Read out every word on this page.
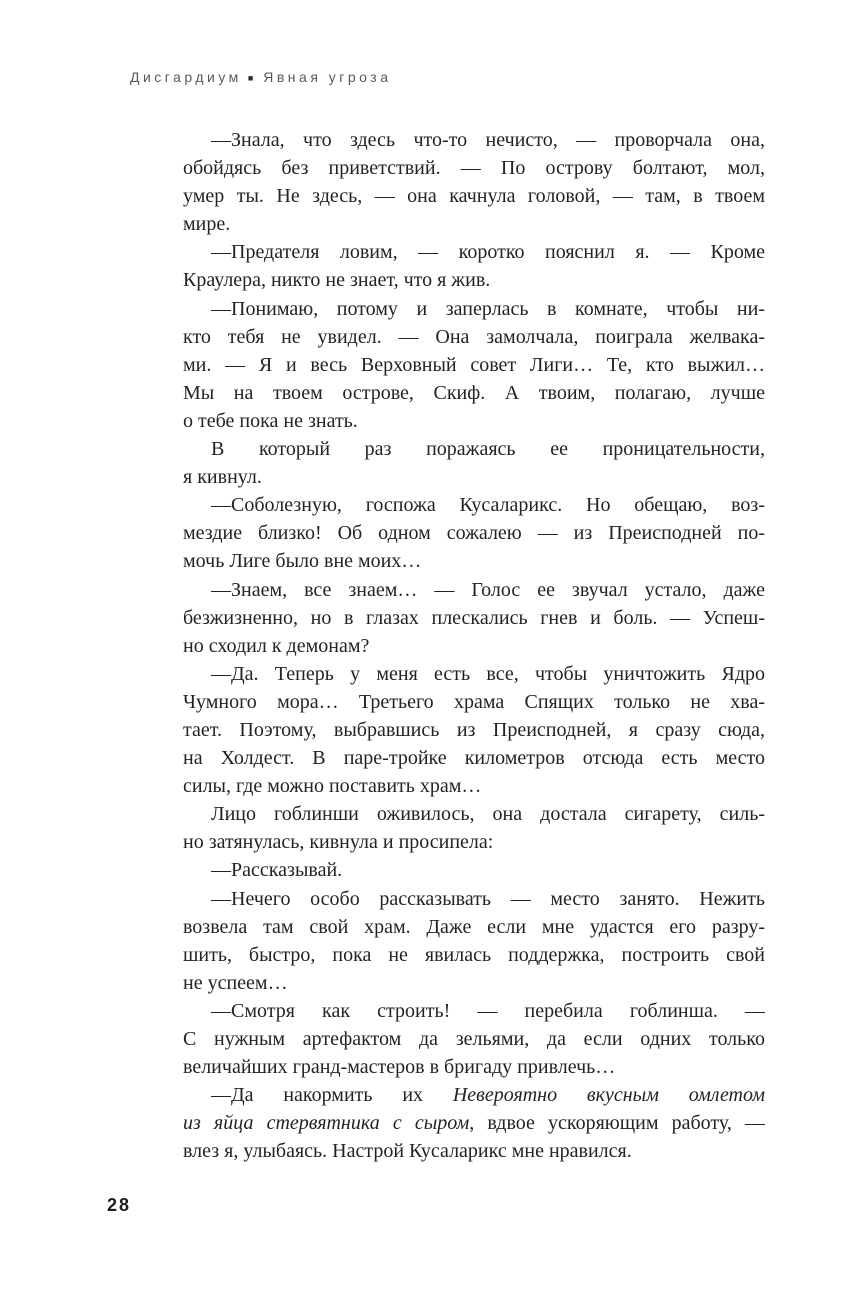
Дисгардиум ■ Явная угроза

—Знала, что здесь что-то нечисто, — проворчала она,
обойдясь без приветствий. — По острову болтают, мол,
умер ты. Не здесь, — она качнула головой, — там, в твоем
мире.

—Предателя ловим, — коротко пояснил я. — Кроме
Краулера, никто не знает, что я жив.

—Понимаю, потому и заперлась в комнате, чтобы ни-
кто тебя не увидел. — Она замолчала, поиграла желвака-
ми. — Я и весь Верховный совет Лиги… Те, кто выжил…
Мы на твоем острове, Скиф. А твоим, полагаю, лучше
о тебе пока не знать.

В который раз поражаясь ее проницательности,
я кивнул.

—Соболезную, госпожа Кусаларикс. Но обещаю, воз-
мездие близко! Об одном сожалею — из Преисподней по-
мочь Лиге было вне моих…

—Знаем, все знаем… — Голос ее звучал устало, даже
безжизненно, но в глазах плескались гнев и боль. — Успеш-
но сходил к демонам?

—Да. Теперь у меня есть все, чтобы уничтожить Ядро
Чумного мора… Третьего храма Спящих только не хва-
тает. Поэтому, выбравшись из Преисподней, я сразу сюда,
на Холдест. В паре-тройке километров отсюда есть место
силы, где можно поставить храм…

Лицо гоблинши оживилось, она достала сигарету, силь-
но затянулась, кивнула и просипела:

—Рассказывай.

—Нечего особо рассказывать — место занято. Нежить
возвела там свой храм. Даже если мне удастся его разру-
шить, быстро, пока не явилась поддержка, построить свой
не успеем…

—Смотря как строить! — перебила гоблинша. —
С нужным артефактом да зельями, да если одних только
величайших гранд-мастеров в бригаду привлечь…

—Да накормить их Невероятно вкусным омлетом
из яйца стервятника с сыром, вдвое ускоряющим работу, —
влез я, улыбаясь. Настрой Кусаларикс мне нравился.

28
